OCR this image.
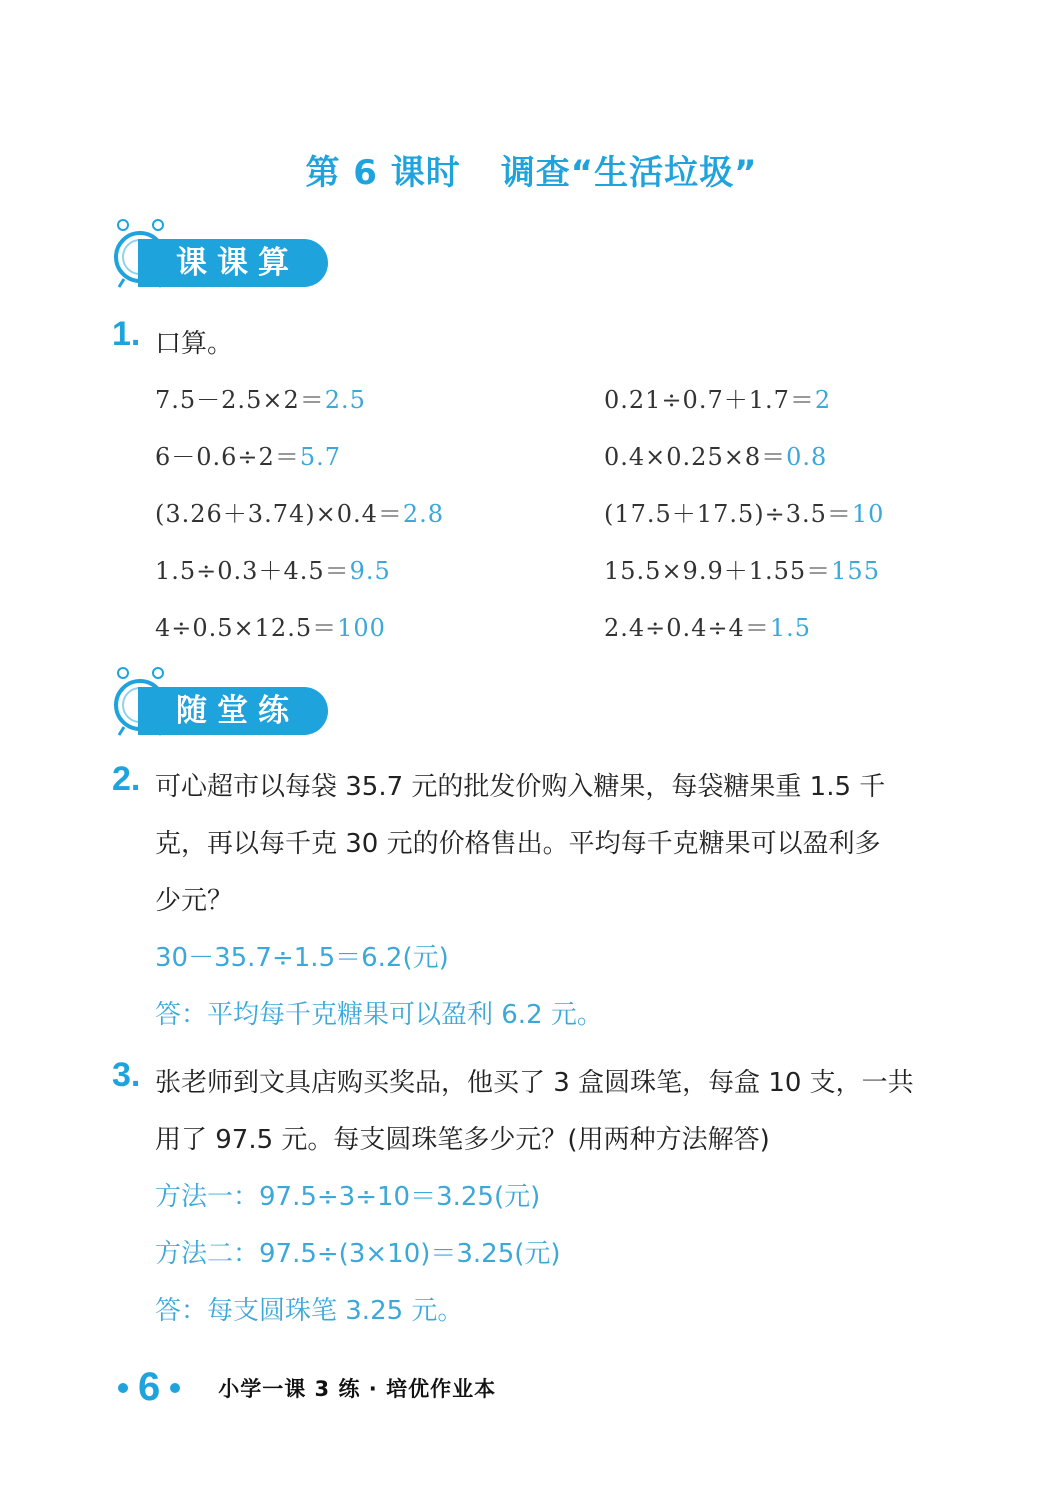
第 6 课时 调查“生活垃圾”
课课算
1. 口算。
7.5－2.5×2＝2.5
6－0.6÷2＝5.7
(3.26＋3.74)×0.4＝2.8
1.5÷0.3＋4.5＝9.5
4÷0.5×12.5＝100
0.21÷0.7＋1.7＝2
0.4×0.25×8＝0.8
(17.5＋17.5)÷3.5＝10
15.5×9.9＋1.55＝155
2.4÷0.4÷4＝1.5
随堂练
2. 可心超市以每袋 35.7 元的批发价购入糖果，每袋糖果重 1.5 千
克，再以每千克 30 元的价格售出。平均每千克糖果可以盈利多
少元？
30－35.7÷1.5＝6.2(元)
答：平均每千克糖果可以盈利 6.2 元。
3. 张老师到文具店购买奖品，他买了 3 盒圆珠笔，每盒 10 支，一共
用了 97.5 元。每支圆珠笔多少元？(用两种方法解答)
方法一：97.5÷3÷10＝3.25(元)
方法二：97.5÷(3×10)＝3.25(元)
答：每支圆珠笔 3.25 元。
6	小学一课 3 练 · 培优作业本
